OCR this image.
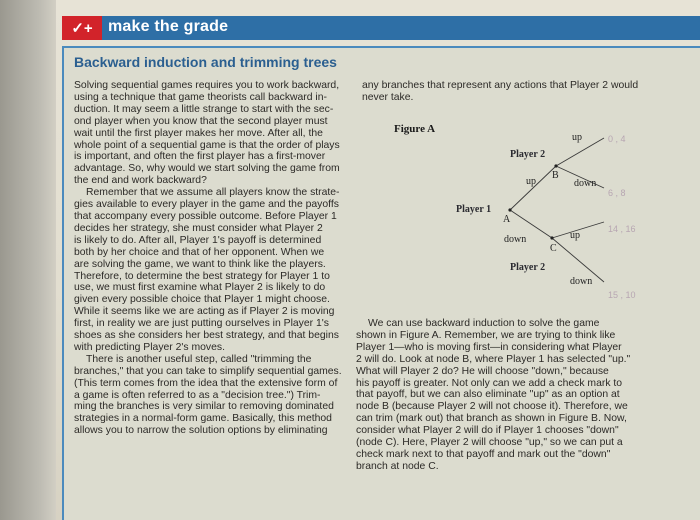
✓+ make the grade
Backward induction and trimming trees

Solving sequential games requires you to work backward,
using a technique that game theorists call backward in-
duction. It may seem a little strange to start with the sec-
ond player when you know that the second player must
wait until the first player makes her move. After all, the
whole point of a sequential game is that the order of plays
is important, and often the first player has a first-mover
advantage. So, why would we start solving the game from
the end and work backward?

Remember that we assume all players know the strate-
gies available to every player in the game and the payoffs
that accompany every possible outcome. Before Player 1
decides her strategy, she must consider what Player 2
is likely to do. After all, Player 1's payoff is determined
both by her choice and that of her opponent. When we
are solving the game, we want to think like the players.
Therefore, to determine the best strategy for Player 1 to
use, we must first examine what Player 2 is likely to do
given every possible choice that Player 1 might choose.
While it seems like we are acting as if Player 2 is moving
first, in reality we are just putting ourselves in Player 1's
shoes as she considers her best strategy, and that begins
with predicting Player 2's moves.

There is another useful step, called "trimming the
branches," that you can take to simplify sequential games.
(This term comes from the idea that the extensive form of
a game is often referred to as a "decision tree.") Trim-
ming the branches is very similar to removing dominated
strategies in a normal-form game. Basically, this method
allows you to narrow the solution options by eliminating

any branches that represent any actions that Player 2 would
never take.
Figure A
Player 1
Player 2
Player 2
A
B
C
up
down
up
down
up
down
0 , 4
6 , 8
14 , 16
15 , 10

We can use backward induction to solve the game
shown in Figure A. Remember, we are trying to think like
Player 1—who is moving first—in considering what Player
2 will do. Look at node B, where Player 1 has selected "up."
What will Player 2 do? He will choose "down," because
his payoff is greater. Not only can we add a check mark to
that payoff, but we can also eliminate "up" as an option at
node B (because Player 2 will not choose it). Therefore, we
can trim (mark out) that branch as shown in Figure B. Now,
consider what Player 2 will do if Player 1 chooses "down"
(node C). Here, Player 2 will choose "up," so we can put a
check mark next to that payoff and mark out the "down"
branch at node C.
